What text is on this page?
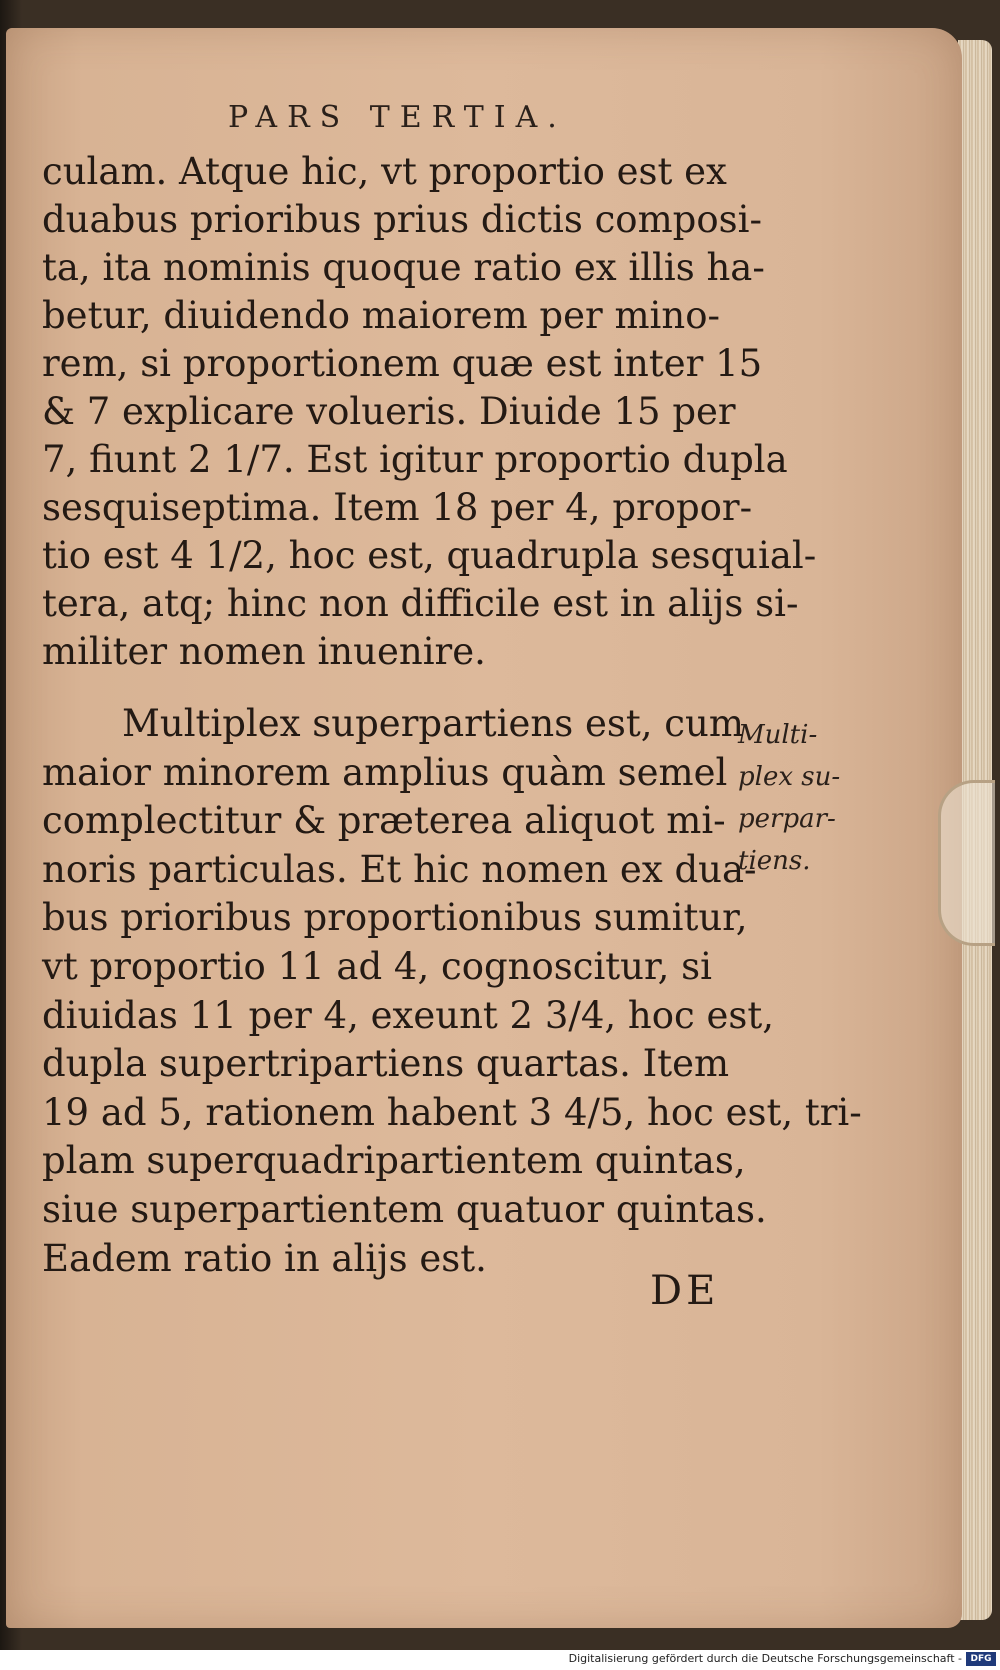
PARS TERTIA.
culam. Atque hic, vt proportio est ex
duabus prioribus prius dictis composi-
ta, ita nominis quoque ratio ex illis ha-
betur, diuidendo maiorem per mino-
rem, si proportionem quæ est inter 15
& 7 explicare volueris. Diuide 15 per
7, fiunt 2 1/7. Est igitur proportio dupla
sesquiseptima. Item 18 per 4, propor-
tio est 4 1/2, hoc est, quadrupla sesquial-
tera, atq; hinc non difficile est in alijs si-
militer nomen inuenire.
Multiplex superpartiens est, cum
maior minorem amplius quàm semel
complectitur & præterea aliquot mi-
noris particulas. Et hic nomen ex dua-
bus prioribus proportionibus sumitur,
vt proportio 11 ad 4, cognoscitur, si
diuidas 11 per 4, exeunt 2 3/4, hoc est,
dupla supertripartiens quartas. Item
19 ad 5, rationem habent 3 4/5, hoc est, tri-
plam superquadripartientem quintas,
siue superpartientem quatuor quintas.
Eadem ratio in alijs est.
Multi-
plex su-
perpar-
tiens.
DE
Digitalisierung gefördert durch die Deutsche Forschungsgemeinschaft - DFG
